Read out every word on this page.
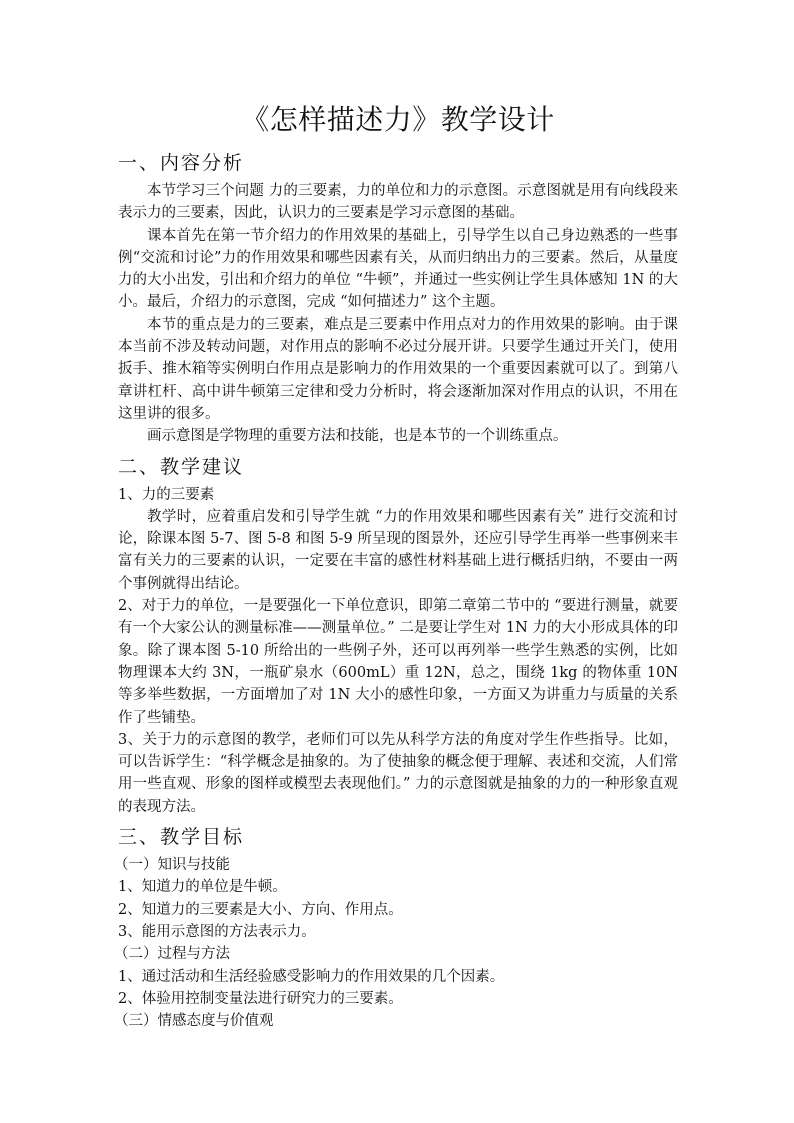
《怎样描述力》教学设计
一、内容分析

本节学习三个问题 力的三要素，力的单位和力的示意图。示意图就是用有向线段来表示力的三要素，因此，认识力的三要素是学习示意图的基础。

课本首先在第一节介绍力的作用效果的基础上，引导学生以自己身边熟悉的一些事例“交流和讨论”力的作用效果和哪些因素有关，从而归纳出力的三要素。然后，从量度力的大小出发，引出和介绍力的单位 “牛顿”，并通过一些实例让学生具体感知 1N 的大小。最后，介绍力的示意图，完成 “如何描述力” 这个主题。

本节的重点是力的三要素，难点是三要素中作用点对力的作用效果的影响。由于课本当前不涉及转动问题，对作用点的影响不必过分展开讲。只要学生通过开关门，使用扳手、推木箱等实例明白作用点是影响力的作用效果的一个重要因素就可以了。到第八章讲杠杆、高中讲牛顿第三定律和受力分析时，将会逐渐加深对作用点的认识，不用在这里讲的很多。

画示意图是学物理的重要方法和技能，也是本节的一个训练重点。

二、教学建议

1、力的三要素

教学时，应着重启发和引导学生就 “力的作用效果和哪些因素有关” 进行交流和讨论，除课本图 5-7、图 5-8 和图 5-9 所呈现的图景外，还应引导学生再举一些事例来丰富有关力的三要素的认识，一定要在丰富的感性材料基础上进行概括归纳，不要由一两个事例就得出结论。

2、对于力的单位，一是要强化一下单位意识，即第二章第二节中的 “要进行测量，就要有一个大家公认的测量标准——测量单位。” 二是要让学生对 1N 力的大小形成具体的印象。除了课本图 5-10 所给出的一些例子外，还可以再列举一些学生熟悉的实例，比如物理课本大约 3N，一瓶矿泉水（600mL）重 12N，总之，围绕 1kg 的物体重 10N 等多举些数据，一方面增加了对 1N 大小的感性印象，一方面又为讲重力与质量的关系作了些铺垫。

3、关于力的示意图的教学，老师们可以先从科学方法的角度对学生作些指导。比如，可以告诉学生：“科学概念是抽象的。为了使抽象的概念便于理解、表述和交流，人们常用一些直观、形象的图样或模型去表现他们。” 力的示意图就是抽象的力的一种形象直观的表现方法。

三、教学目标

（一）知识与技能

1、知道力的单位是牛顿。

2、知道力的三要素是大小、方向、作用点。

3、能用示意图的方法表示力。

（二）过程与方法

1、通过活动和生活经验感受影响力的作用效果的几个因素。

2、体验用控制变量法进行研究力的三要素。

（三）情感态度与价值观
